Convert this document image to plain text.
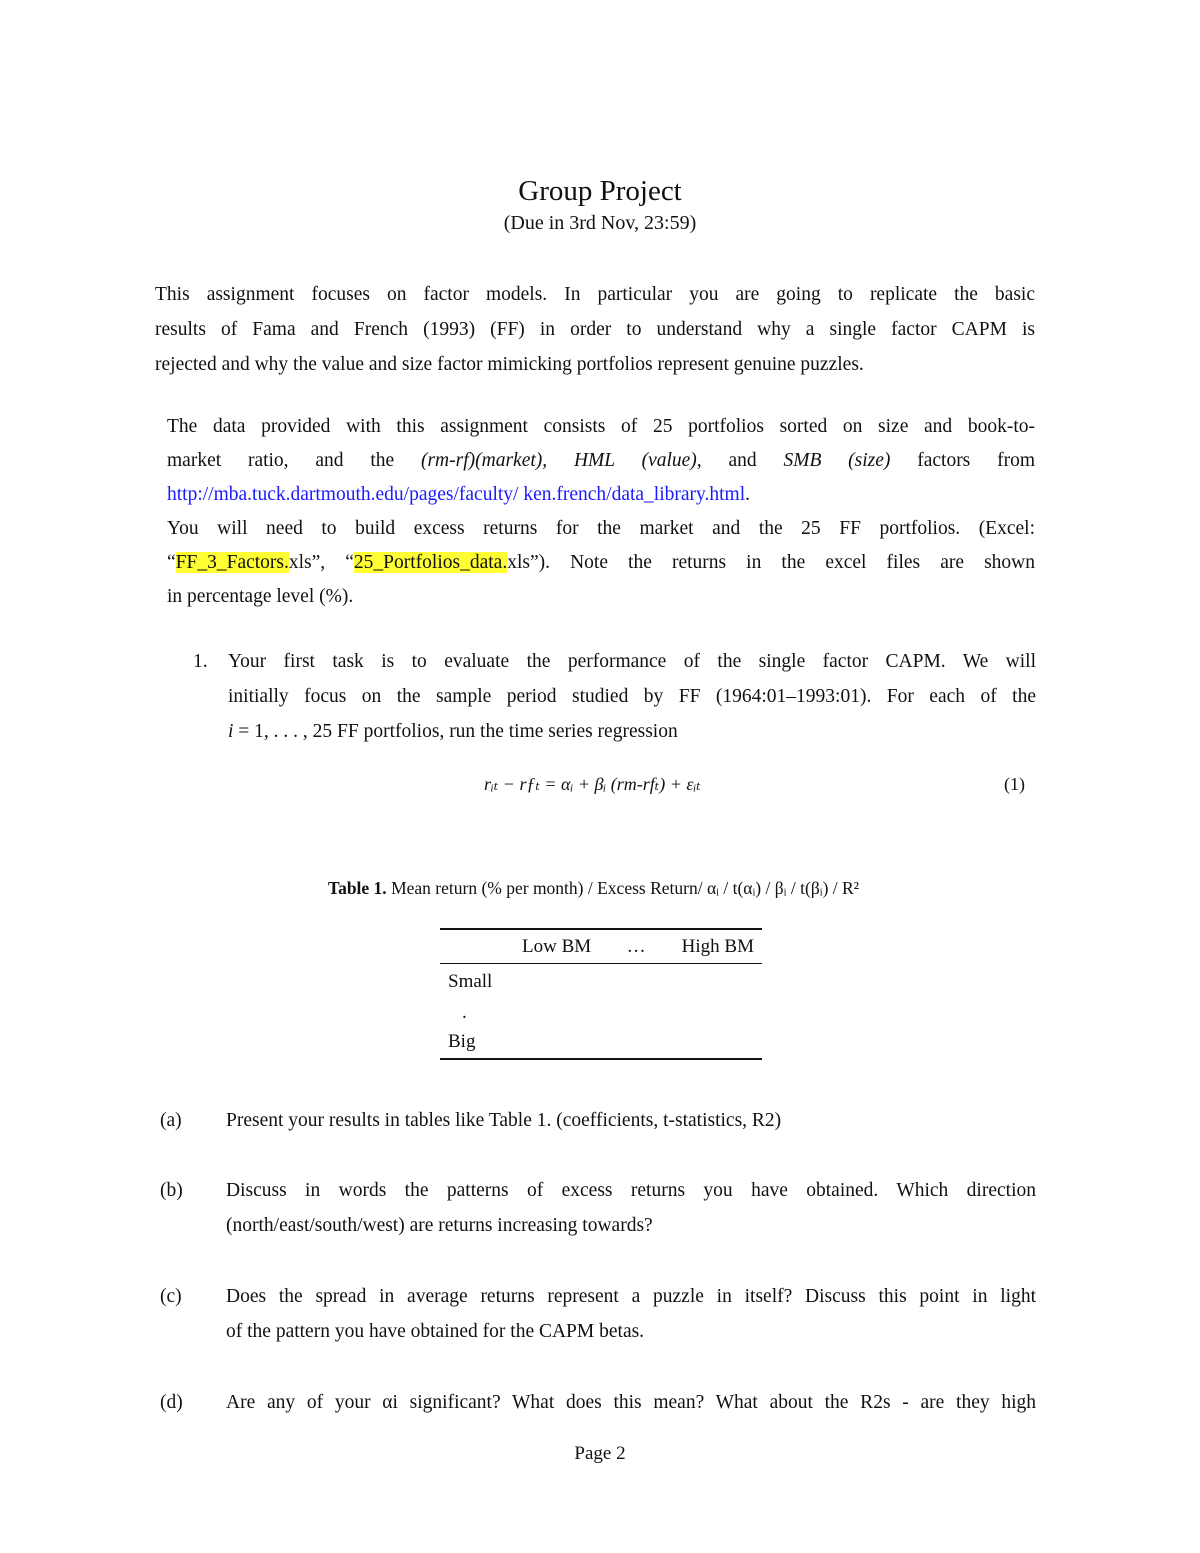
Group Project
(Due in 3rd Nov, 23:59)

This assignment focuses on factor models. In particular you are going to replicate the basic

results of Fama and French (1993) (FF) in order to understand why a single factor CAPM is

rejected and why the value and size factor mimicking portfolios represent genuine puzzles.

The data provided with this assignment consists of 25 portfolios sorted on size and book-to-

market ratio, and the (rm-rf)(market), HML (value), and SMB (size) factors from

http://mba.tuck.dartmouth.edu/pages/faculty/ ken.french/data_library.html.

You will need to build excess returns for the market and the 25 FF portfolios. (Excel:

“FF_3_Factors.xls”, “25_Portfolios_data.xls”). Note the returns in the excel files are shown

in percentage level (%).

1. Your first task is to evaluate the performance of the single factor CAPM. We will
initially focus on the sample period studied by FF (1964:01–1993:01). For each of the
i = 1, . . . , 25 FF portfolios, run the time series regression
rᵢₜ − rƒₜ = αᵢ + βᵢ (rm-rfₜ) + εᵢₜ	(1)
Table 1. Mean return (% per month) / Excess Return/ αᵢ / t(αᵢ) / βᵢ / t(βᵢ) / R²
	Low BM	…	High BM
Small			
.			
Big			
(a) Present your results in tables like Table 1. (coefficients, t-statistics, R2)
(b) Discuss in words the patterns of excess returns you have obtained. Which direction
(north/east/south/west) are returns increasing towards?
(c) Does the spread in average returns represent a puzzle in itself? Discuss this point in light
of the pattern you have obtained for the CAPM betas.
(d) Are any of your αi significant? What does this mean? What about the R2s - are they high
Page 2
